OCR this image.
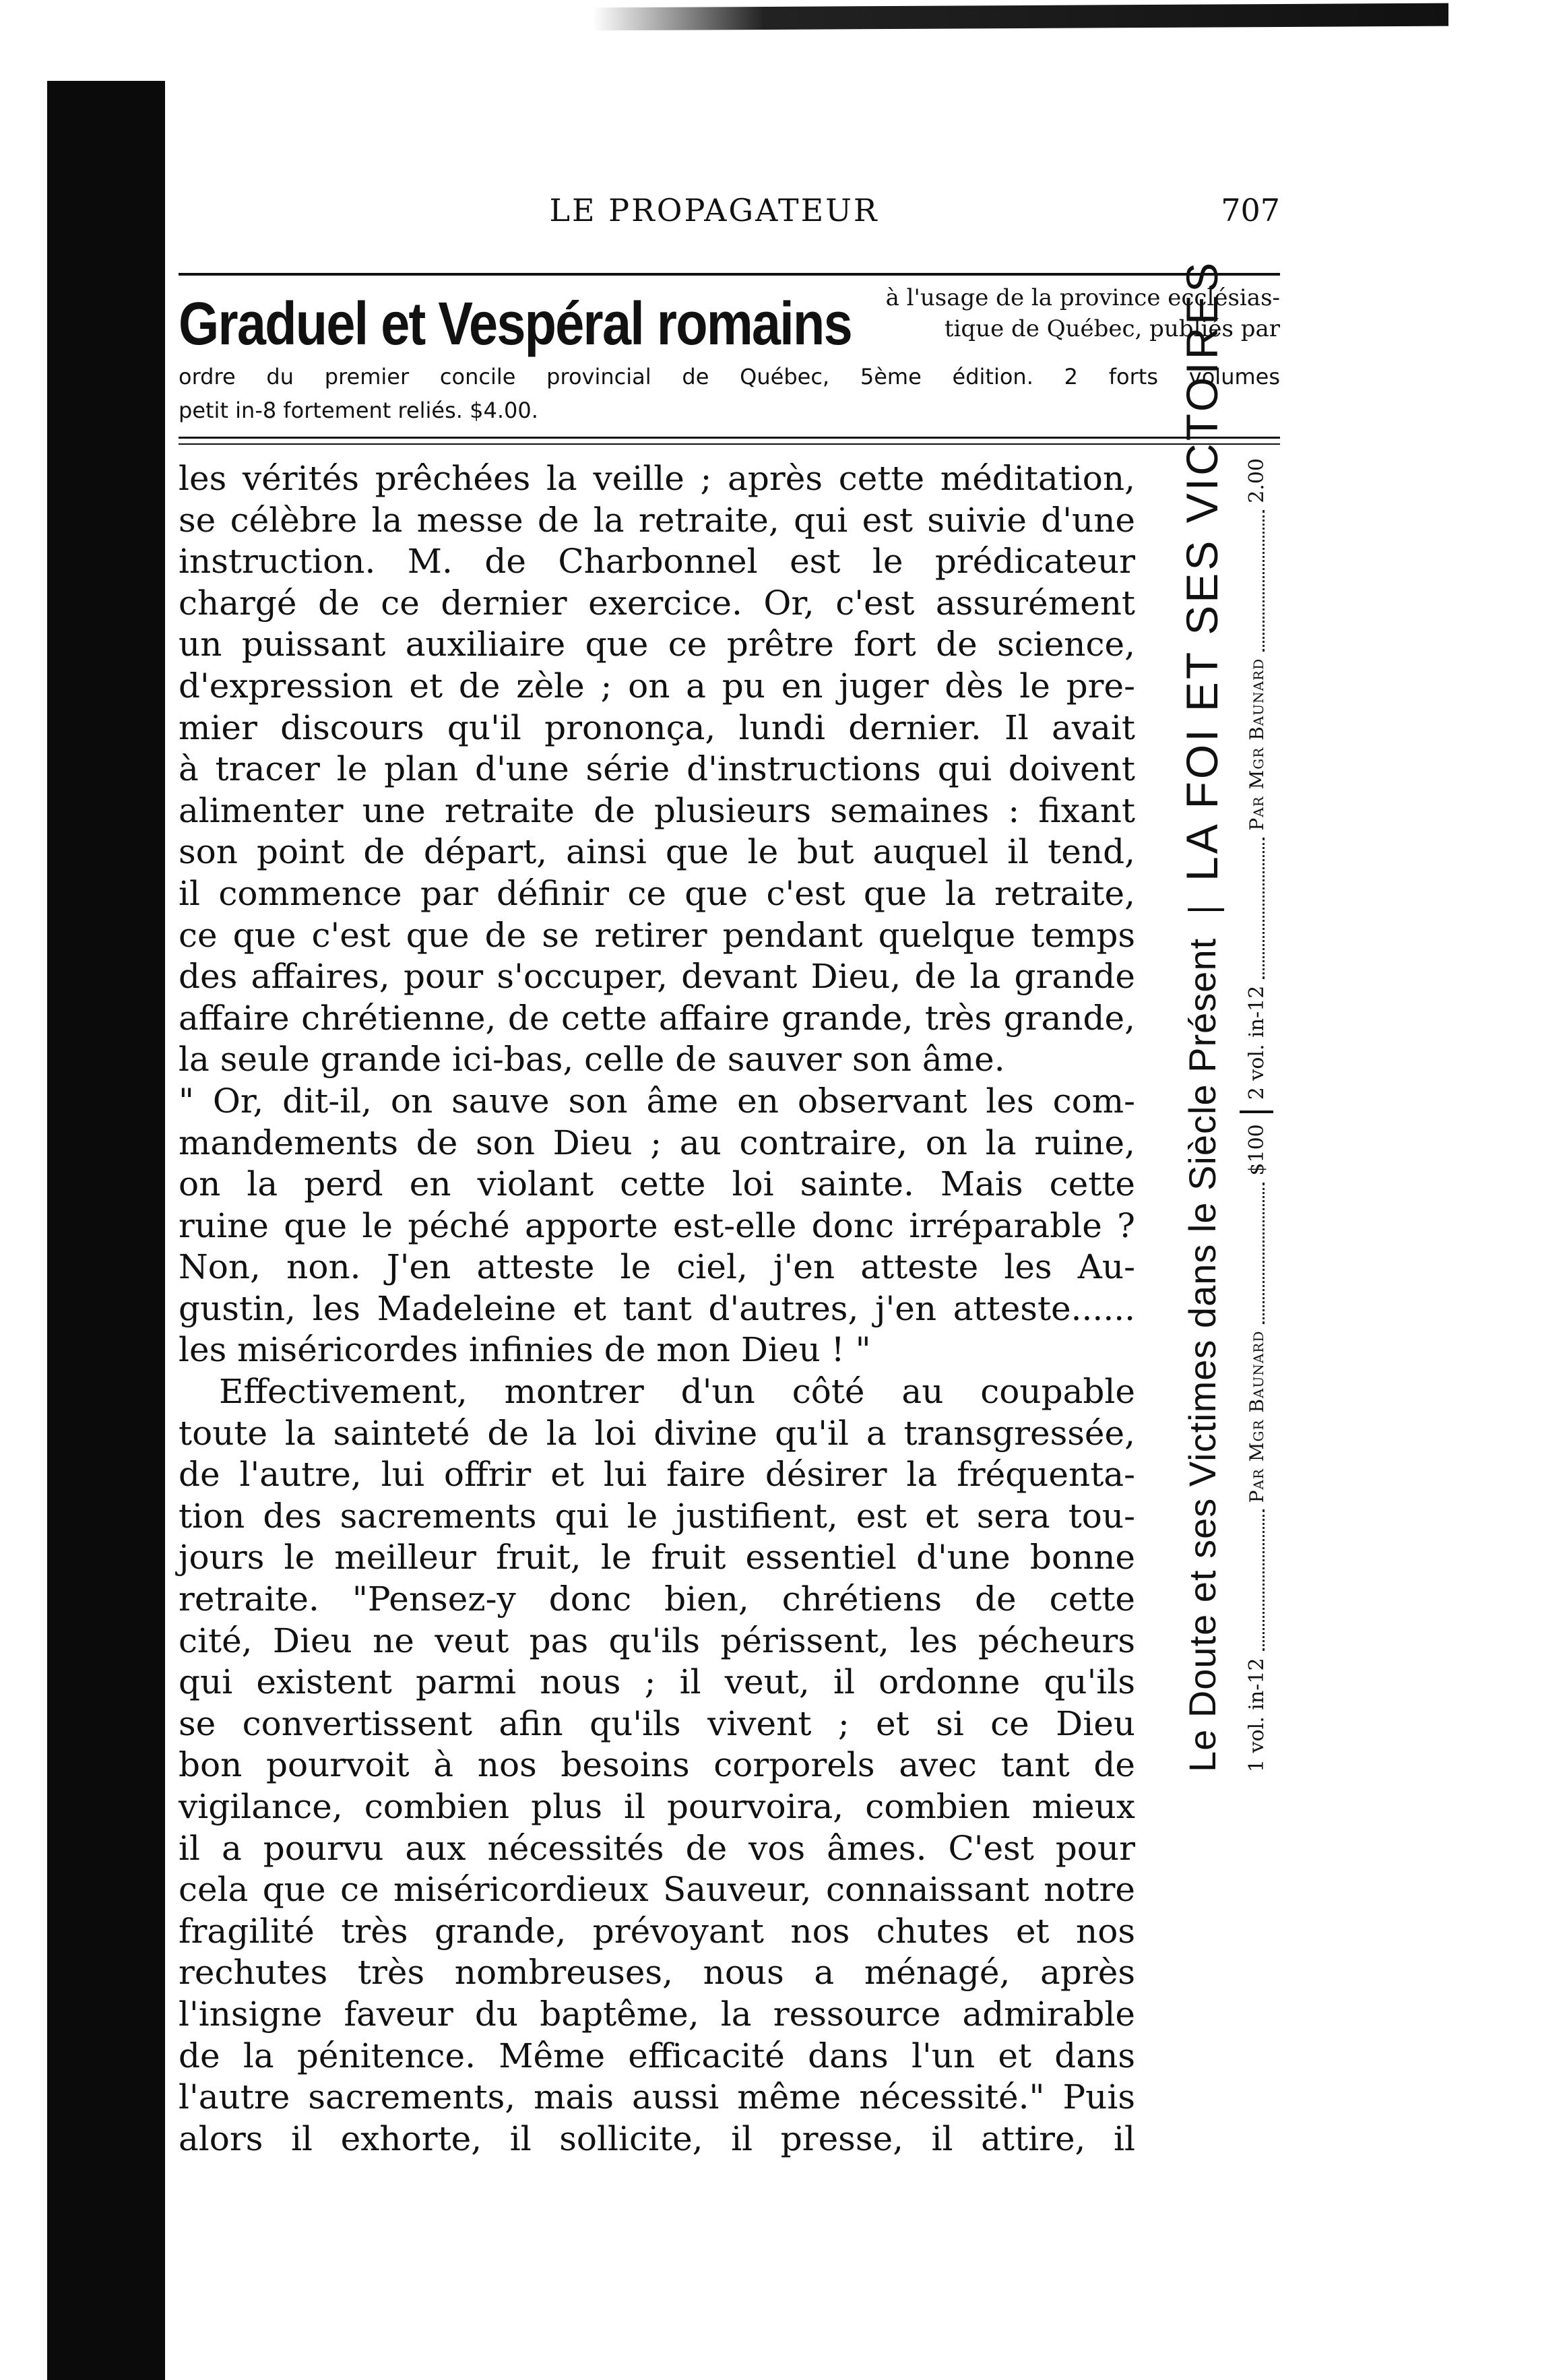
LE PROPAGATEUR	707
Graduel et Vespéral romains à l'usage de la province ecclésias-
tique de Québec, publiés par
ordre du premier concile provincial de Québec, 5ème édition. 2 forts volumes
petit in-8 fortement reliés. $4.00.
les vérités prêchées la veille ; après cette méditation,
se célèbre la messe de la retraite, qui est suivie d'une
instruction. M. de Charbonnel est le prédicateur
chargé de ce dernier exercice. Or, c'est assurément
un puissant auxiliaire que ce prêtre fort de science,
d'expression et de zèle ; on a pu en juger dès le pre-
mier discours qu'il prononça, lundi dernier. Il avait
à tracer le plan d'une série d'instructions qui doivent
alimenter une retraite de plusieurs semaines : fixant
son point de départ, ainsi que le but auquel il tend,
il commence par définir ce que c'est que la retraite,
ce que c'est que de se retirer pendant quelque temps
des affaires, pour s'occuper, devant Dieu, de la grande
affaire chrétienne, de cette affaire grande, très grande,
la seule grande ici-bas, celle de sauver son âme.
" Or, dit-il, on sauve son âme en observant les com-
mandements de son Dieu ; au contraire, on la ruine,
on la perd en violant cette loi sainte. Mais cette
ruine que le péché apporte est-elle donc irréparable ?
Non, non. J'en atteste le ciel, j'en atteste les Au-
gustin, les Madeleine et tant d'autres, j'en atteste......
les miséricordes infinies de mon Dieu ! "
Effectivement, montrer d'un côté au coupable
toute la sainteté de la loi divine qu'il a transgressée,
de l'autre, lui offrir et lui faire désirer la fréquenta-
tion des sacrements qui le justifient, est et sera tou-
jours le meilleur fruit, le fruit essentiel d'une bonne
retraite. "Pensez-y donc bien, chrétiens de cette
cité, Dieu ne veut pas qu'ils périssent, les pécheurs
qui existent parmi nous ; il veut, il ordonne qu'ils
se convertissent afin qu'ils vivent ; et si ce Dieu
bon pourvoit à nos besoins corporels avec tant de
vigilance, combien plus il pourvoira, combien mieux
il a pourvu aux nécessités de vos âmes. C'est pour
cela que ce miséricordieux Sauveur, connaissant notre
fragilité très grande, prévoyant nos chutes et nos
rechutes très nombreuses, nous a ménagé, après
l'insigne faveur du baptême, la ressource admirable
de la pénitence. Même efficacité dans l'un et dans
l'autre sacrements, mais aussi même nécessité." Puis
alors il exhorte, il sollicite, il presse, il attire, il
Le Doute et ses Victimes dans le Siècle Présent
LA FOI ET SES VICTOIRES
1 vol. in-12
Par Mgr Baunard
$100
2 vol. in-12
Par Mgr Baunard
2.00
